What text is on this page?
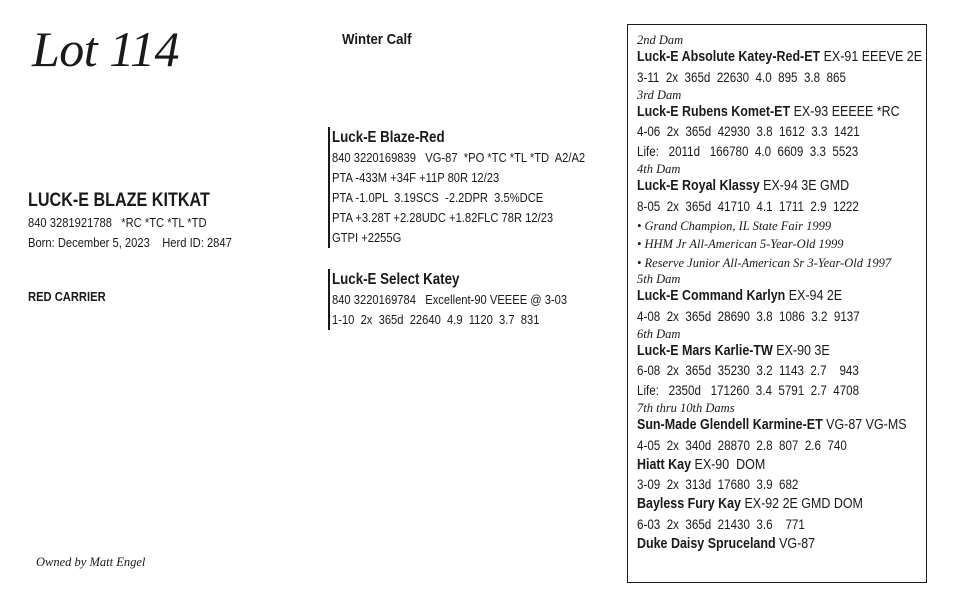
Lot 114	Winter Calf
LUCK-E BLAZE KITKAT
840 3281921788   *RC *TC *TL *TD
Born: December 5, 2023    Herd ID: 2847
RED CARRIER
Luck-E Blaze-Red
840 3220169839   VG-87  *PO *TC *TL *TD  A2/A2
PTA -433M +34F +11P 80R 12/23
PTA -1.0PL  3.19SCS  -2.2DPR  3.5%DCE
PTA +3.28T +2.28UDC +1.82FLC 78R 12/23
GTPI +2255G
Luck-E Select Katey
840 3220169784   Excellent-90 VEEEE @ 3-03
1-10  2x  365d  22640  4.9  1120  3.7  831
2nd Dam
Luck-E Absolute Katey-Red-ET EX-91 EEEVE 2E
3-11  2x  365d  22630  4.0  895  3.8  865
3rd Dam
Luck-E Rubens Komet-ET EX-93 EEEEE *RC
4-06  2x  365d  42930  3.8  1612  3.3  1421
Life:   2011d   166780  4.0  6609  3.3  5523
4th Dam
Luck-E Royal Klassy EX-94 3E GMD
8-05  2x  365d  41710  4.1  1711  2.9  1222
• Grand Champion, IL State Fair 1999
• HHM Jr All-American 5-Year-Old 1999
• Reserve Junior All-American Sr 3-Year-Old 1997
5th Dam
Luck-E Command Karlyn EX-94 2E
4-08  2x  365d  28690  3.8  1086  3.2  9137
6th Dam
Luck-E Mars Karlie-TW EX-90 3E
6-08  2x  365d  35230  3.2  1143  2.7    943
Life:   2350d   171260  3.4  5791  2.7  4708
7th thru 10th Dams
Sun-Made Glendell Karmine-ET VG-87 VG-MS
4-05  2x  340d  28870  2.8  807  2.6  740
Hiatt Kay EX-90  DOM
3-09  2x  313d  17680  3.9  682
Bayless Fury Kay EX-92 2E GMD DOM
6-03  2x  365d  21430  3.6    771
Duke Daisy Spruceland VG-87
Owned by Matt Engel
